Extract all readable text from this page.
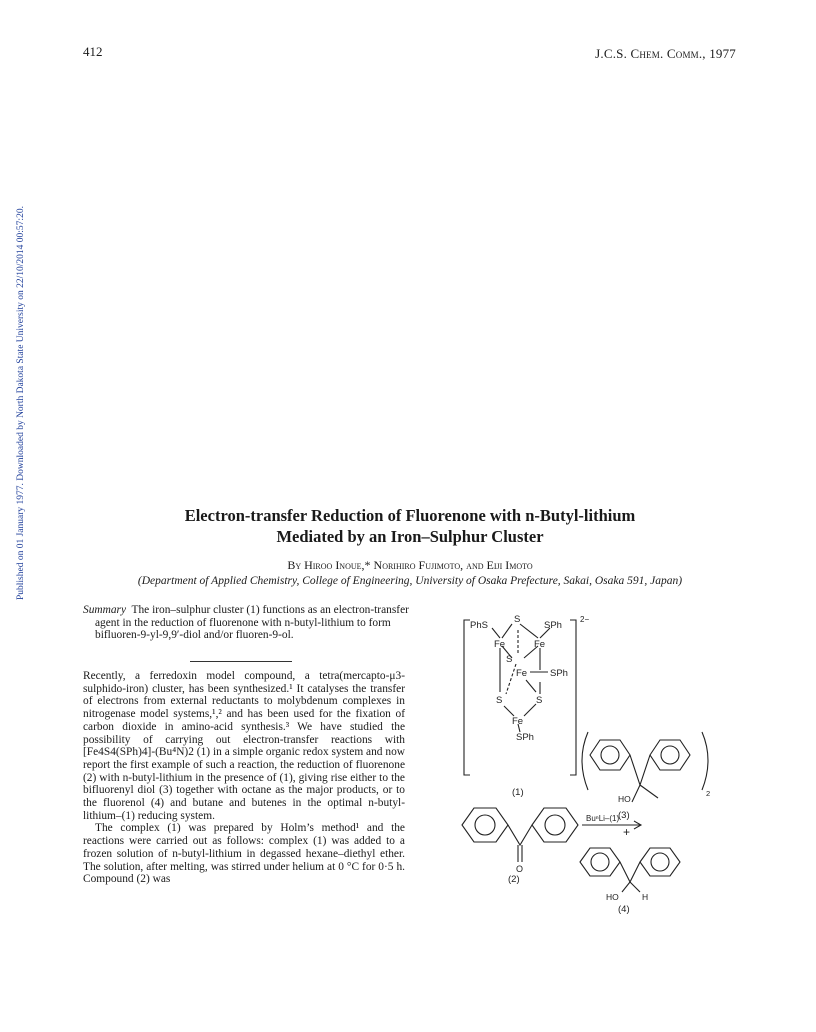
412	J.C.S. Chem. Comm., 1977
Published on 01 January 1977. Downloaded by North Dakota State University on 22/10/2014 00:57:20.	Electron-transfer Reduction of Fluorenone with n-Butyl-lithium
Mediated by an Iron–Sulphur Cluster
By Hiroo Inoue,* Norihiro Fujimoto, and Eiji Imoto
(Department of Applied Chemistry, College of Engineering, University of Osaka Prefecture, Sakai, Osaka 591, Japan)
Summary The iron–sulphur cluster (1) functions as an electron-transfer agent in the reduction of fluorenone with n-butyl-lithium to form bifluoren-9-yl-9,9′-diol and/or fluoren-9-ol.

Recently, a ferredoxin model compound, a tetra(mercapto-μ3-sulphido-iron) cluster, has been synthesized.¹ It catalyses the transfer of electrons from external reductants to molybdenum complexes in nitrogenase model systems,¹,² and has been used for the fixation of carbon dioxide in amino-acid synthesis.³ We have studied the possibility of carrying out electron-transfer reactions with [Fe4S4(SPh)4]-(Bu⁴N)2 (1) in a simple organic redox system and now report the first example of such a reaction, the reduction of fluorenone (2) with n-butyl-lithium in the presence of (1), giving rise either to the bifluorenyl diol (3) together with octane as the major products, or to the fluorenol (4) and butane and butenes in the optimal n-butyl-lithium–(1) reducing system.

The complex (1) was prepared by Holm’s method¹ and the reactions were carried out as follows: complex (1) was added to a frozen solution of n-butyl-lithium in degassed hexane–diethyl ether. The solution, after melting, was stirred under helium at 0 °C for 0·5 h. Compound (2) was

PhS
S
SPh
Fe	Fe
S
Fe SPh
S	S
Fe
SPh
2−
(1)
(3)
(2)
(4)
2
HO
O
BuⁿLi–(1)
+
HO	H
